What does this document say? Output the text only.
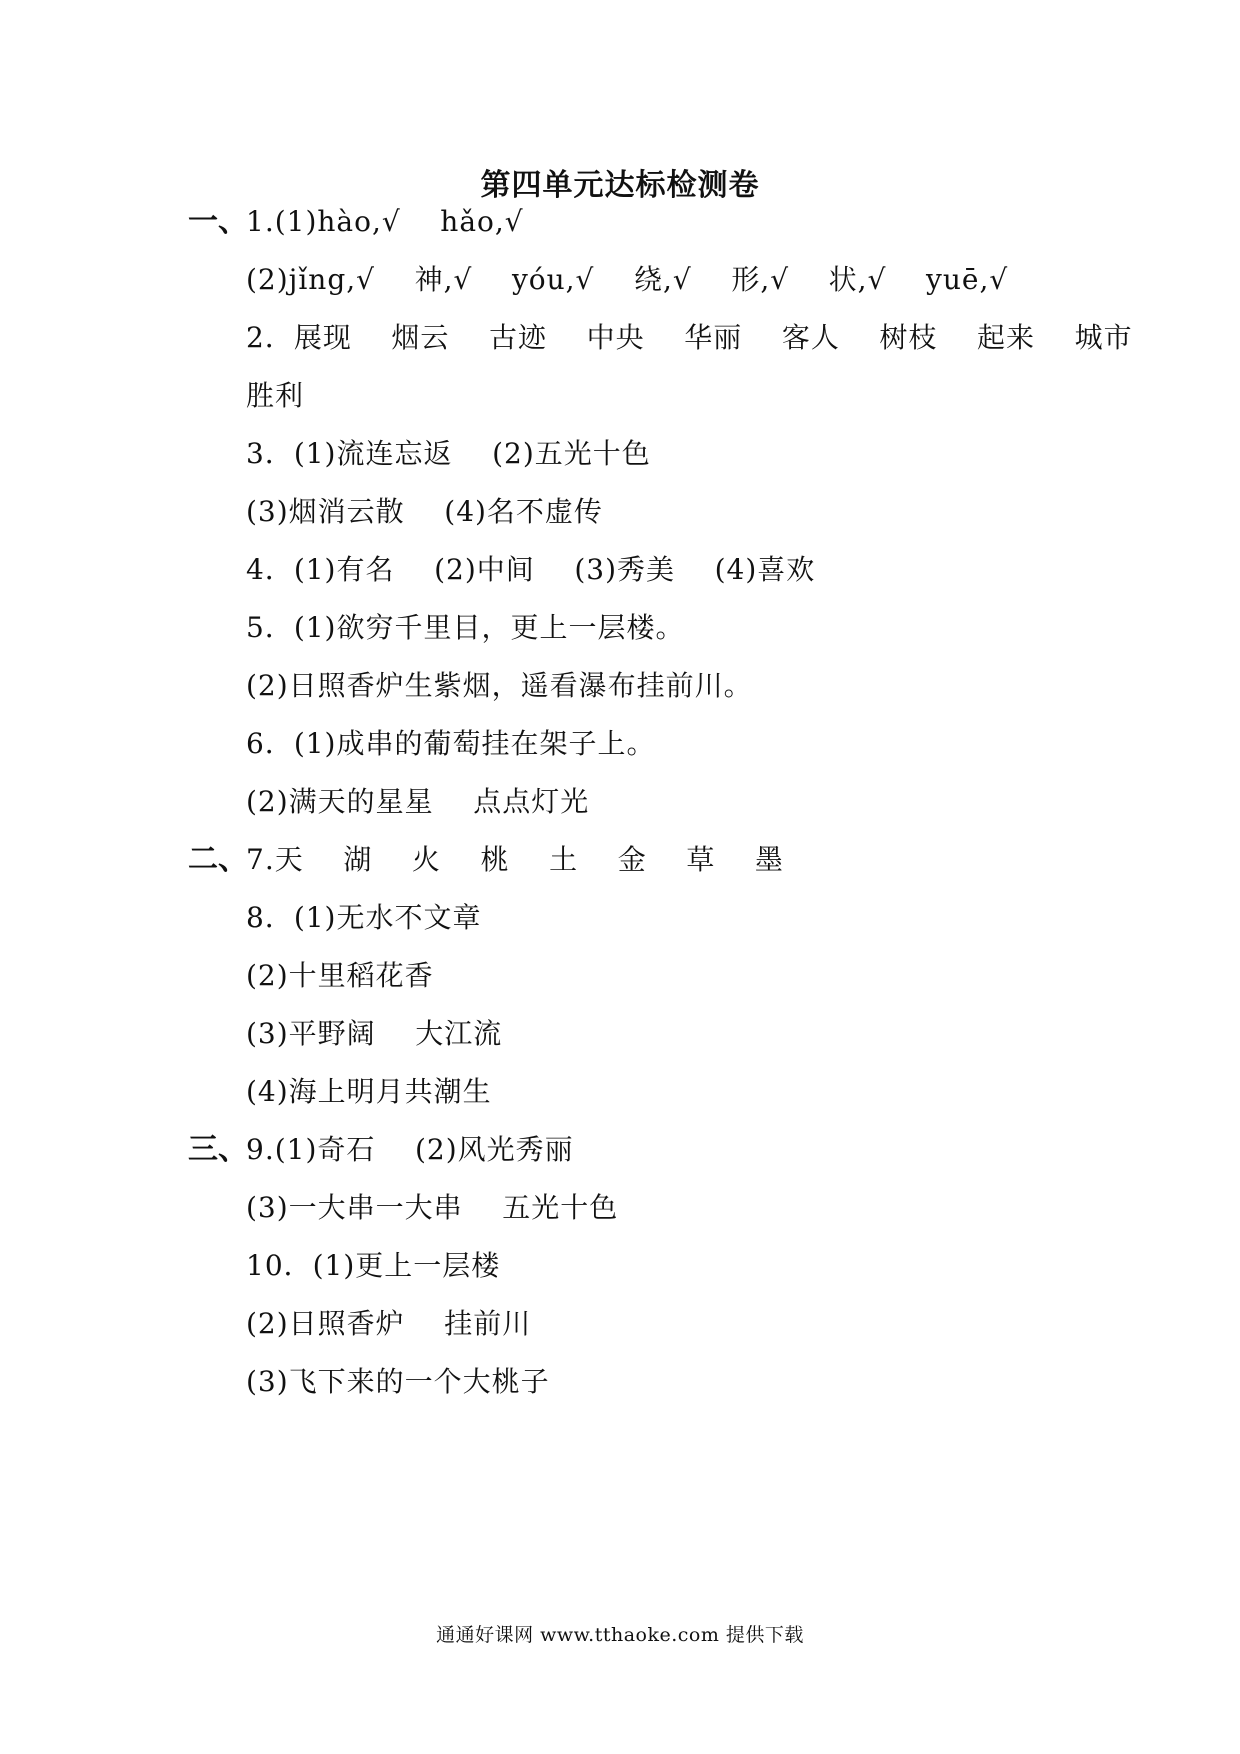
第四单元达标检测卷
一、
1.(1)hào,√    hǎo,√
(2)jǐng,√    神,√    yóu,√    绕,√    形,√    状,√    yuē,√
2．展现    烟云    古迹    中央    华丽    客人    树枝    起来    城市
胜利
3．(1)流连忘返    (2)五光十色
(3)烟消云散    (4)名不虚传
4．(1)有名    (2)中间    (3)秀美    (4)喜欢
5．(1)欲穷千里目，更上一层楼。
(2)日照香炉生紫烟，遥看瀑布挂前川。
6．(1)成串的葡萄挂在架子上。
(2)满天的星星    点点灯光
二、
7.天    湖    火    桃    土    金    草    墨
8．(1)无水不文章
(2)十里稻花香
(3)平野阔    大江流
(4)海上明月共潮生
三、
9.(1)奇石    (2)风光秀丽
(3)一大串一大串    五光十色
10．(1)更上一层楼
(2)日照香炉    挂前川
(3)飞下来的一个大桃子
通通好课网 www.tthaoke.com 提供下载
